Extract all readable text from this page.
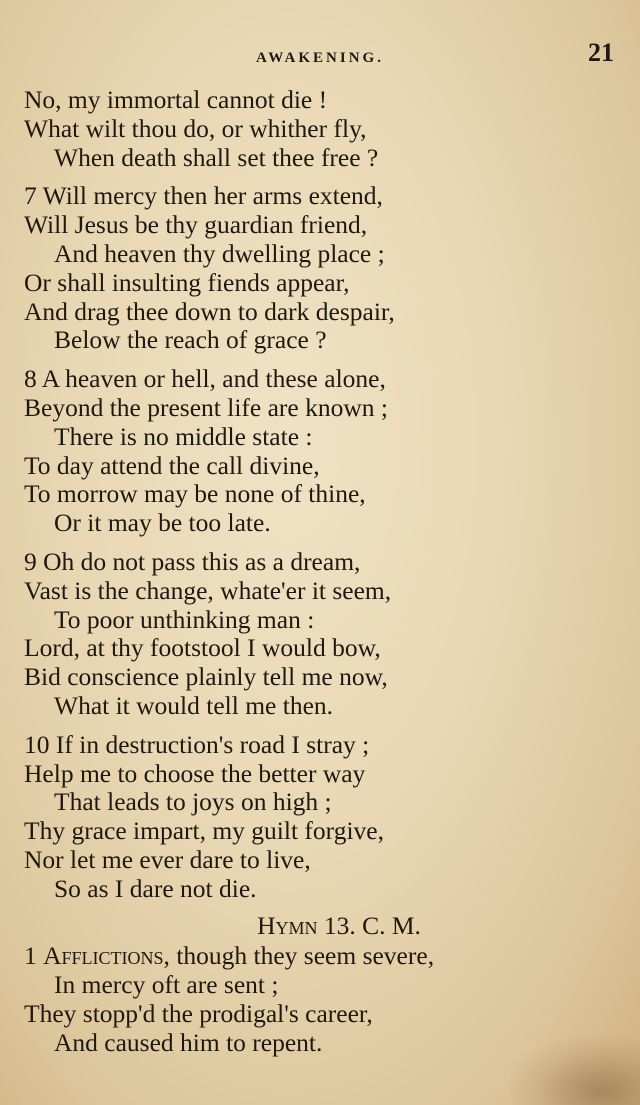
AWAKENING.	21
No, my immortal cannot die !
What wilt thou do, or whither fly,
When death shall set thee free ?
7 Will mercy then her arms extend,
Will Jesus be thy guardian friend,
And heaven thy dwelling place ;
Or shall insulting fiends appear,
And drag thee down to dark despair,
Below the reach of grace ?
8 A heaven or hell, and these alone,
Beyond the present life are known ;
There is no middle state :
To day attend the call divine,
To morrow may be none of thine,
Or it may be too late.
9 Oh do not pass this as a dream,
Vast is the change, whate'er it seem,
To poor unthinking man :
Lord, at thy footstool I would bow,
Bid conscience plainly tell me now,
What it would tell me then.
10 If in destruction's road I stray ;
Help me to choose the better way
That leads to joys on high ;
Thy grace impart, my guilt forgive,
Nor let me ever dare to live,
So as I dare not die.
Hymn 13. C. M.
1 Afflictions, though they seem severe,
In mercy oft are sent ;
They stopp'd the prodigal's career,
And caused him to repent.
